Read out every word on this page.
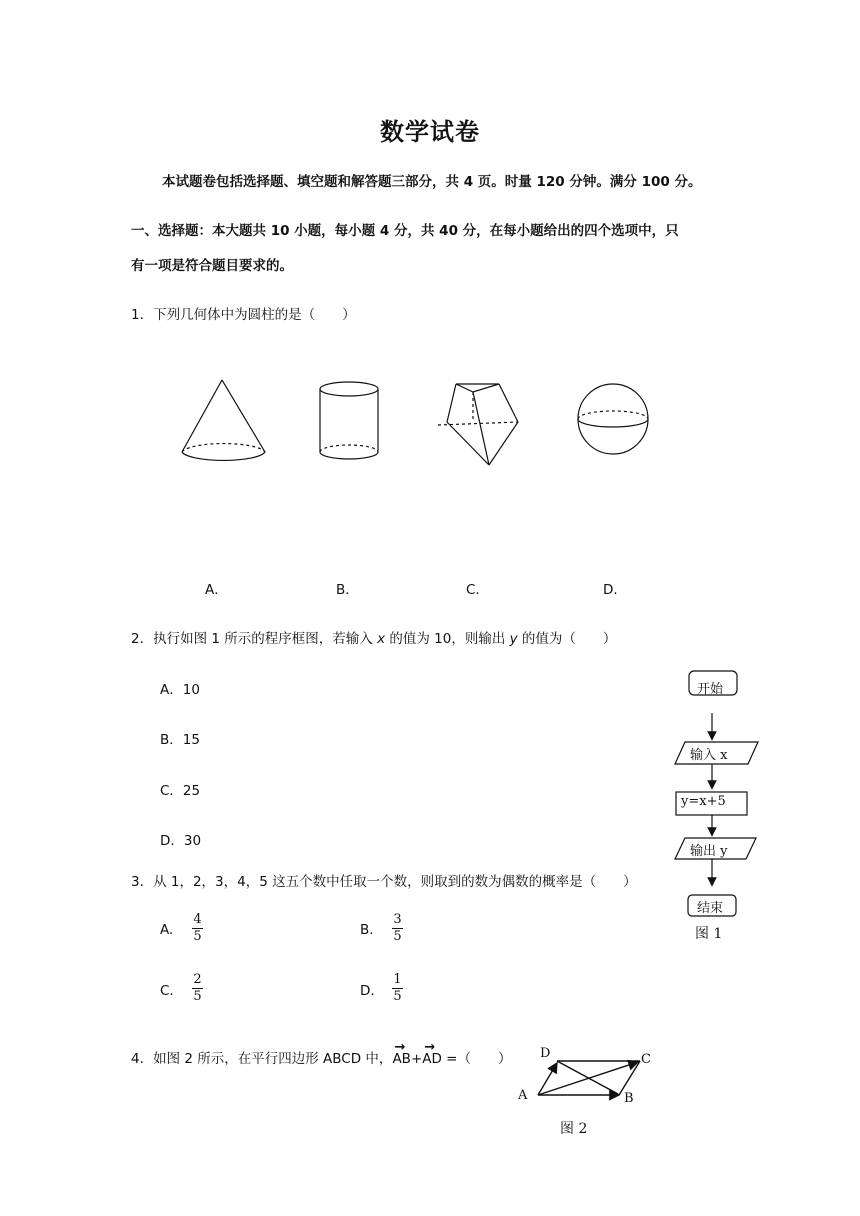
数学试卷
本试题卷包括选择题、填空题和解答题三部分，共 4 页。时量 120 分钟。满分 100 分。
一、选择题：本大题共 10 小题，每小题 4 分，共 40 分，在每小题给出的四个选项中，只
有一项是符合题目要求的。
1．下列几何体中为圆柱的是（　　）
A．	B．	C．	D．
2．执行如图 1 所示的程序框图，若输入 x 的值为 10，则输出 y 的值为（　　）
A．10
B．15
C．25
D．30
开始
输入 x
y=x+5
输出 y
结束
图 1
3．从 1，2，3，4，5 这五个数中任取一个数，则取到的数为偶数的概率是（　　）
A.
4
5	B.
3
5
C.
2
5	D.
1
5
4．如图 2 所示，在平行四边形 ABCD 中，→ AB+→ AD =（　　）
A	B
C
D
图 2
